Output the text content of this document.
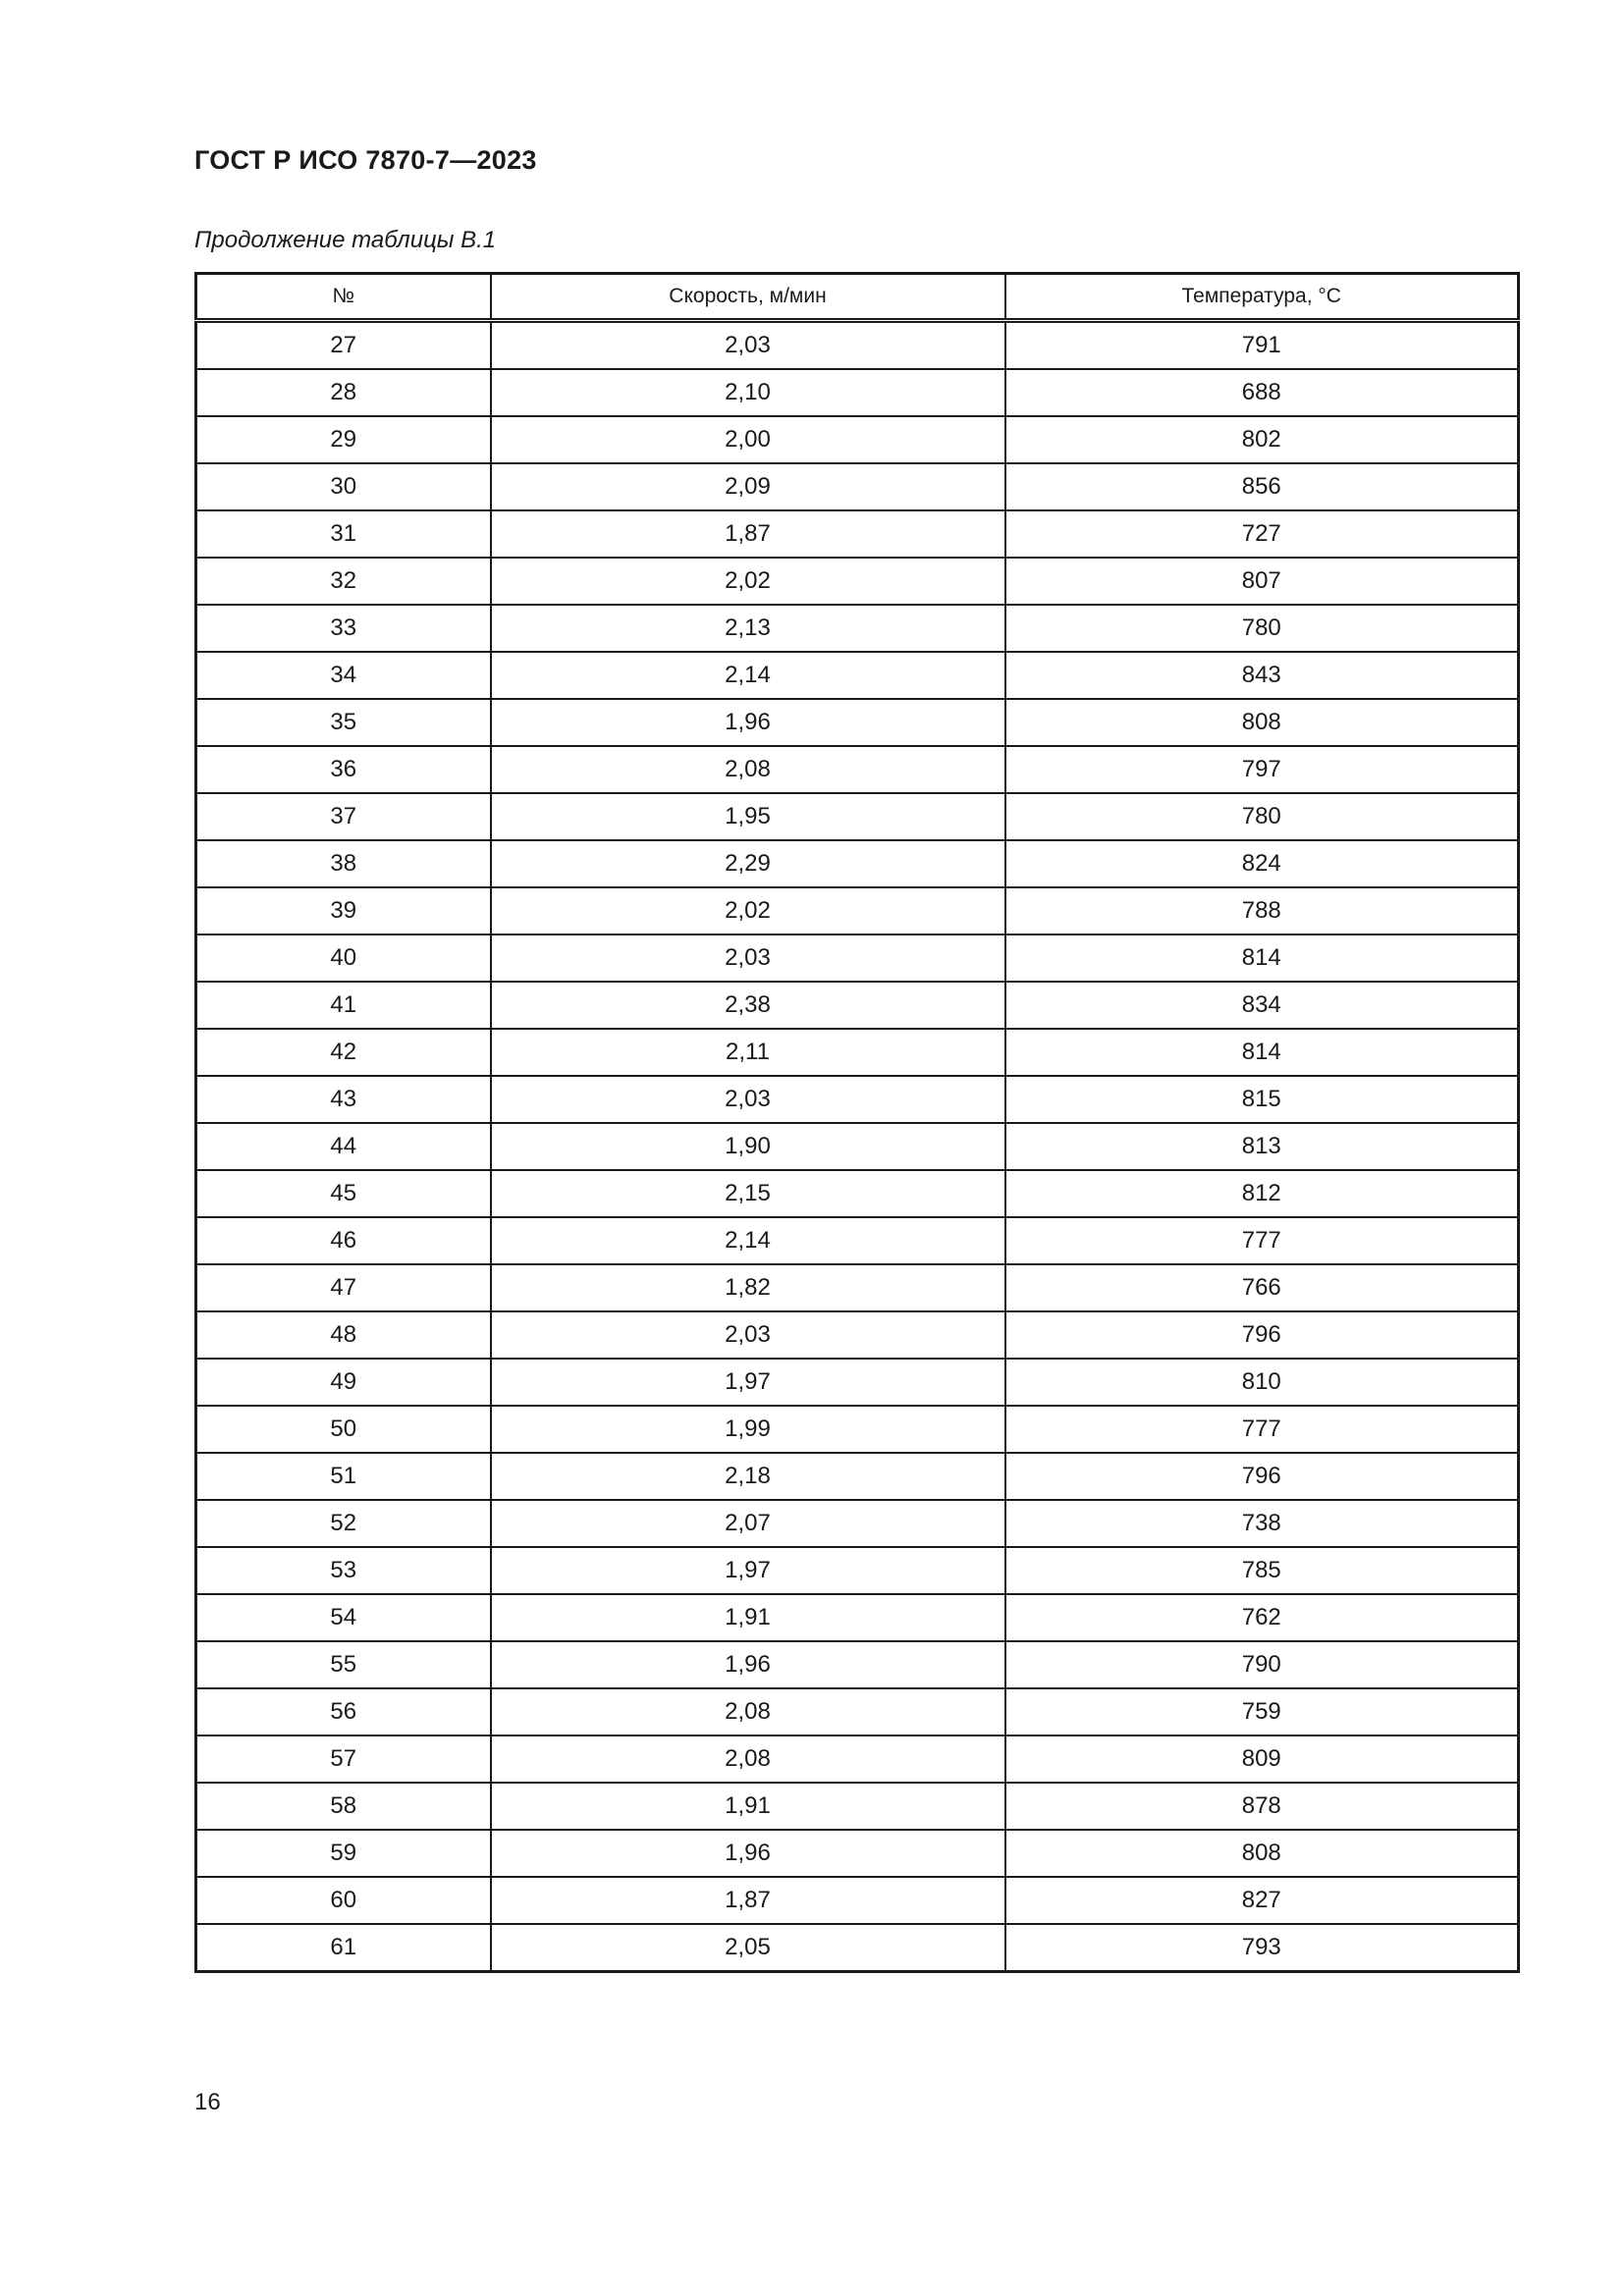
ГОСТ Р ИСО 7870-7—2023

Продолжение таблицы В.1

№	Скорость, м/мин	Температура, °С
27	2,03	791
28	2,10	688
29	2,00	802
30	2,09	856
31	1,87	727
32	2,02	807
33	2,13	780
34	2,14	843
35	1,96	808
36	2,08	797
37	1,95	780
38	2,29	824
39	2,02	788
40	2,03	814
41	2,38	834
42	2,11	814
43	2,03	815
44	1,90	813
45	2,15	812
46	2,14	777
47	1,82	766
48	2,03	796
49	1,97	810
50	1,99	777
51	2,18	796
52	2,07	738
53	1,97	785
54	1,91	762
55	1,96	790
56	2,08	759
57	2,08	809
58	1,91	878
59	1,96	808
60	1,87	827
61	2,05	793

16
